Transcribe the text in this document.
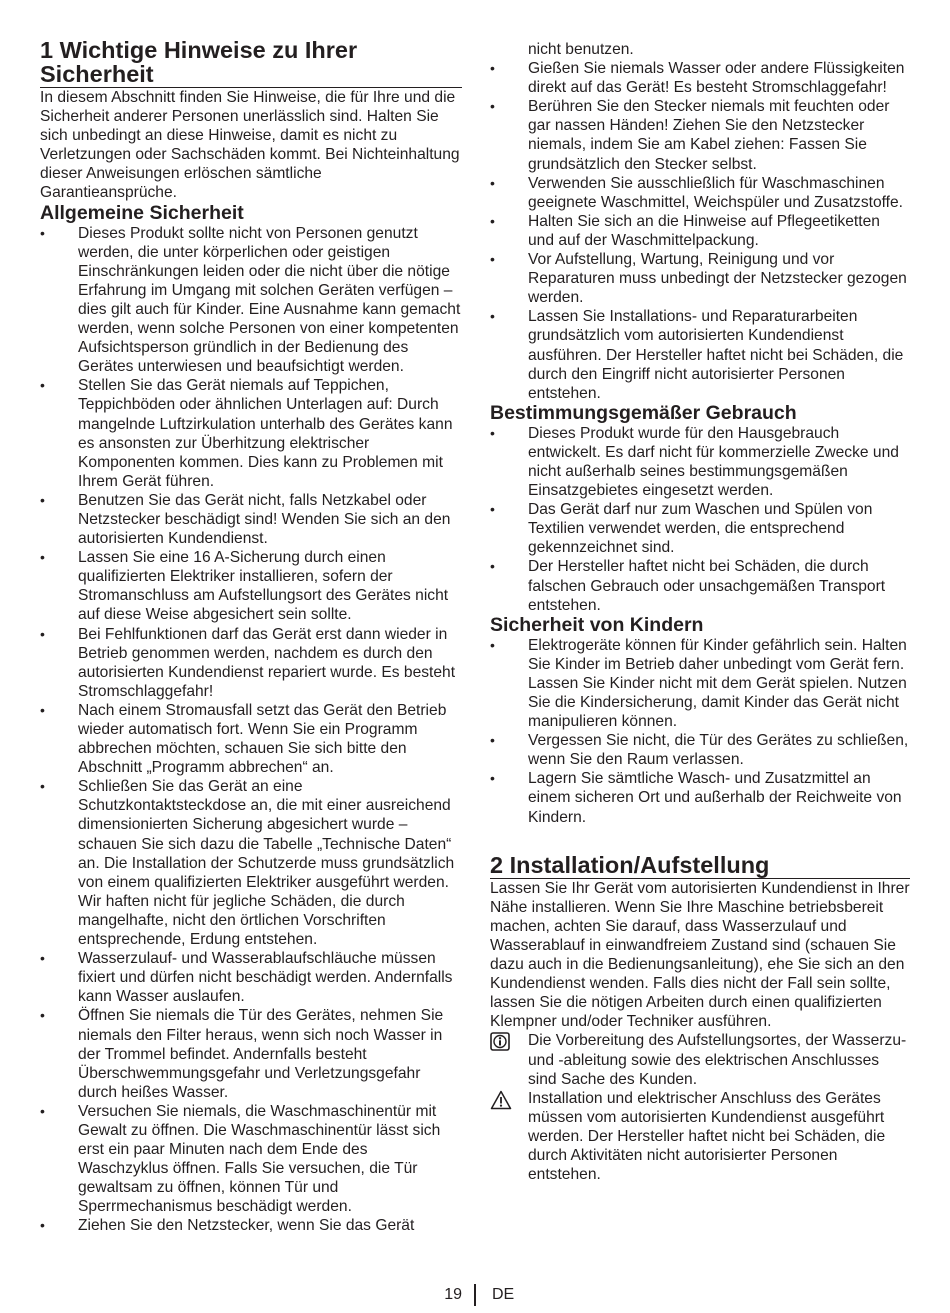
1 Wichtige Hinweise zu Ihrer Sicherheit

In diesem Abschnitt finden Sie Hinweise, die für Ihre und die Sicherheit anderer Personen unerlässlich sind. Halten Sie sich unbedingt an diese Hinweise, damit es nicht zu Verletzungen oder Sachschäden kommt. Bei Nichteinhaltung dieser Anweisungen erlöschen sämtliche Garantieansprüche.

Allgemeine Sicherheit
• Dieses Produkt sollte nicht von Personen genutzt werden, die unter körperlichen oder geistigen Einschränkungen leiden oder die nicht über die nötige Erfahrung im Umgang mit solchen Geräten verfügen – dies gilt auch für Kinder. Eine Ausnahme kann gemacht werden, wenn solche Personen von einer kompetenten Aufsichtsperson gründlich in der Bedienung des Gerätes unterwiesen und beaufsichtigt werden.
• Stellen Sie das Gerät niemals auf Teppichen, Teppichböden oder ähnlichen Unterlagen auf: Durch mangelnde Luftzirkulation unterhalb des Gerätes kann es ansonsten zur Überhitzung elektrischer Komponenten kommen. Dies kann zu Problemen mit Ihrem Gerät führen.
• Benutzen Sie das Gerät nicht, falls Netzkabel oder Netzstecker beschädigt sind! Wenden Sie sich an den autorisierten Kundendienst.
• Lassen Sie eine 16 A-Sicherung durch einen qualifizierten Elektriker installieren, sofern der Stromanschluss am Aufstellungsort des Gerätes nicht auf diese Weise abgesichert sein sollte.
• Bei Fehlfunktionen darf das Gerät erst dann wieder in Betrieb genommen werden, nachdem es durch den autorisierten Kundendienst repariert wurde. Es besteht Stromschlaggefahr!
• Nach einem Stromausfall setzt das Gerät den Betrieb wieder automatisch fort. Wenn Sie ein Programm abbrechen möchten, schauen Sie sich bitte den Abschnitt „Programm abbrechen“ an.
• Schließen Sie das Gerät an eine Schutzkontaktsteckdose an, die mit einer ausreichend dimensionierten Sicherung abgesichert wurde – schauen Sie sich dazu die Tabelle „Technische Daten“ an. Die Installation der Schutzerde muss grundsätzlich von einem qualifizierten Elektriker ausgeführt werden. Wir haften nicht für jegliche Schäden, die durch mangelhafte, nicht den örtlichen Vorschriften entsprechende, Erdung entstehen.
• Wasserzulauf- und Wasserablaufschläuche müssen fixiert und dürfen nicht beschädigt werden. Andernfalls kann Wasser auslaufen.
• Öffnen Sie niemals die Tür des Gerätes, nehmen Sie niemals den Filter heraus, wenn sich noch Wasser in der Trommel befindet. Andernfalls besteht Überschwemmungsgefahr und Verletzungsgefahr durch heißes Wasser.
• Versuchen Sie niemals, die Waschmaschinentür mit Gewalt zu öffnen. Die Waschmaschinentür lässt sich erst ein paar Minuten nach dem Ende des Waschzyklus öffnen. Falls Sie versuchen, die Tür gewaltsam zu öffnen, können Tür und Sperrmechanismus beschädigt werden.
• Ziehen Sie den Netzstecker, wenn Sie das Gerät
nicht benutzen.
• Gießen Sie niemals Wasser oder andere Flüssigkeiten direkt auf das Gerät! Es besteht Stromschlaggefahr!
• Berühren Sie den Stecker niemals mit feuchten oder gar nassen Händen! Ziehen Sie den Netzstecker niemals, indem Sie am Kabel ziehen: Fassen Sie grundsätzlich den Stecker selbst.
• Verwenden Sie ausschließlich für Waschmaschinen geeignete Waschmittel, Weichspüler und Zusatzstoffe.
• Halten Sie sich an die Hinweise auf Pflegeetiketten und auf der Waschmittelpackung.
• Vor Aufstellung, Wartung, Reinigung und vor Reparaturen muss unbedingt der Netzstecker gezogen werden.
• Lassen Sie Installations- und Reparaturarbeiten grundsätzlich vom autorisierten Kundendienst ausführen. Der Hersteller haftet nicht bei Schäden, die durch den Eingriff nicht autorisierter Personen entstehen.
Bestimmungsgemäßer Gebrauch
• Dieses Produkt wurde für den Hausgebrauch entwickelt. Es darf nicht für kommerzielle Zwecke und nicht außerhalb seines bestimmungsgemäßen Einsatzgebietes eingesetzt werden.
• Das Gerät darf nur zum Waschen und Spülen von Textilien verwendet werden, die entsprechend gekennzeichnet sind.
• Der Hersteller haftet nicht bei Schäden, die durch falschen Gebrauch oder unsachgemäßen Transport entstehen.
Sicherheit von Kindern
• Elektrogeräte können für Kinder gefährlich sein. Halten Sie Kinder im Betrieb daher unbedingt vom Gerät fern. Lassen Sie Kinder nicht mit dem Gerät spielen. Nutzen Sie die Kindersicherung, damit Kinder das Gerät nicht manipulieren können.
• Vergessen Sie nicht, die Tür des Gerätes zu schließen, wenn Sie den Raum verlassen.
• Lagern Sie sämtliche Wasch- und Zusatzmittel an einem sicheren Ort und außerhalb der Reichweite von Kindern.
2 Installation/Aufstellung

Lassen Sie Ihr Gerät vom autorisierten Kundendienst in Ihrer Nähe installieren. Wenn Sie Ihre Maschine betriebsbereit machen, achten Sie darauf, dass Wasserzulauf und Wasserablauf in einwandfreiem Zustand sind (schauen Sie dazu auch in die Bedienungsanleitung), ehe Sie sich an den Kundendienst wenden. Falls dies nicht der Fall sein sollte, lassen Sie die nötigen Arbeiten durch einen qualifizierten Klempner und/oder Techniker ausführen.

Die Vorbereitung des Aufstellungsortes, der Wasserzu- und -ableitung sowie des elektrischen Anschlusses sind Sache des Kunden.
Installation und elektrischer Anschluss des Gerätes müssen vom autorisierten Kundendienst ausgeführt werden. Der Hersteller haftet nicht bei Schäden, die durch Aktivitäten nicht autorisierter Personen entstehen.
19 DE
